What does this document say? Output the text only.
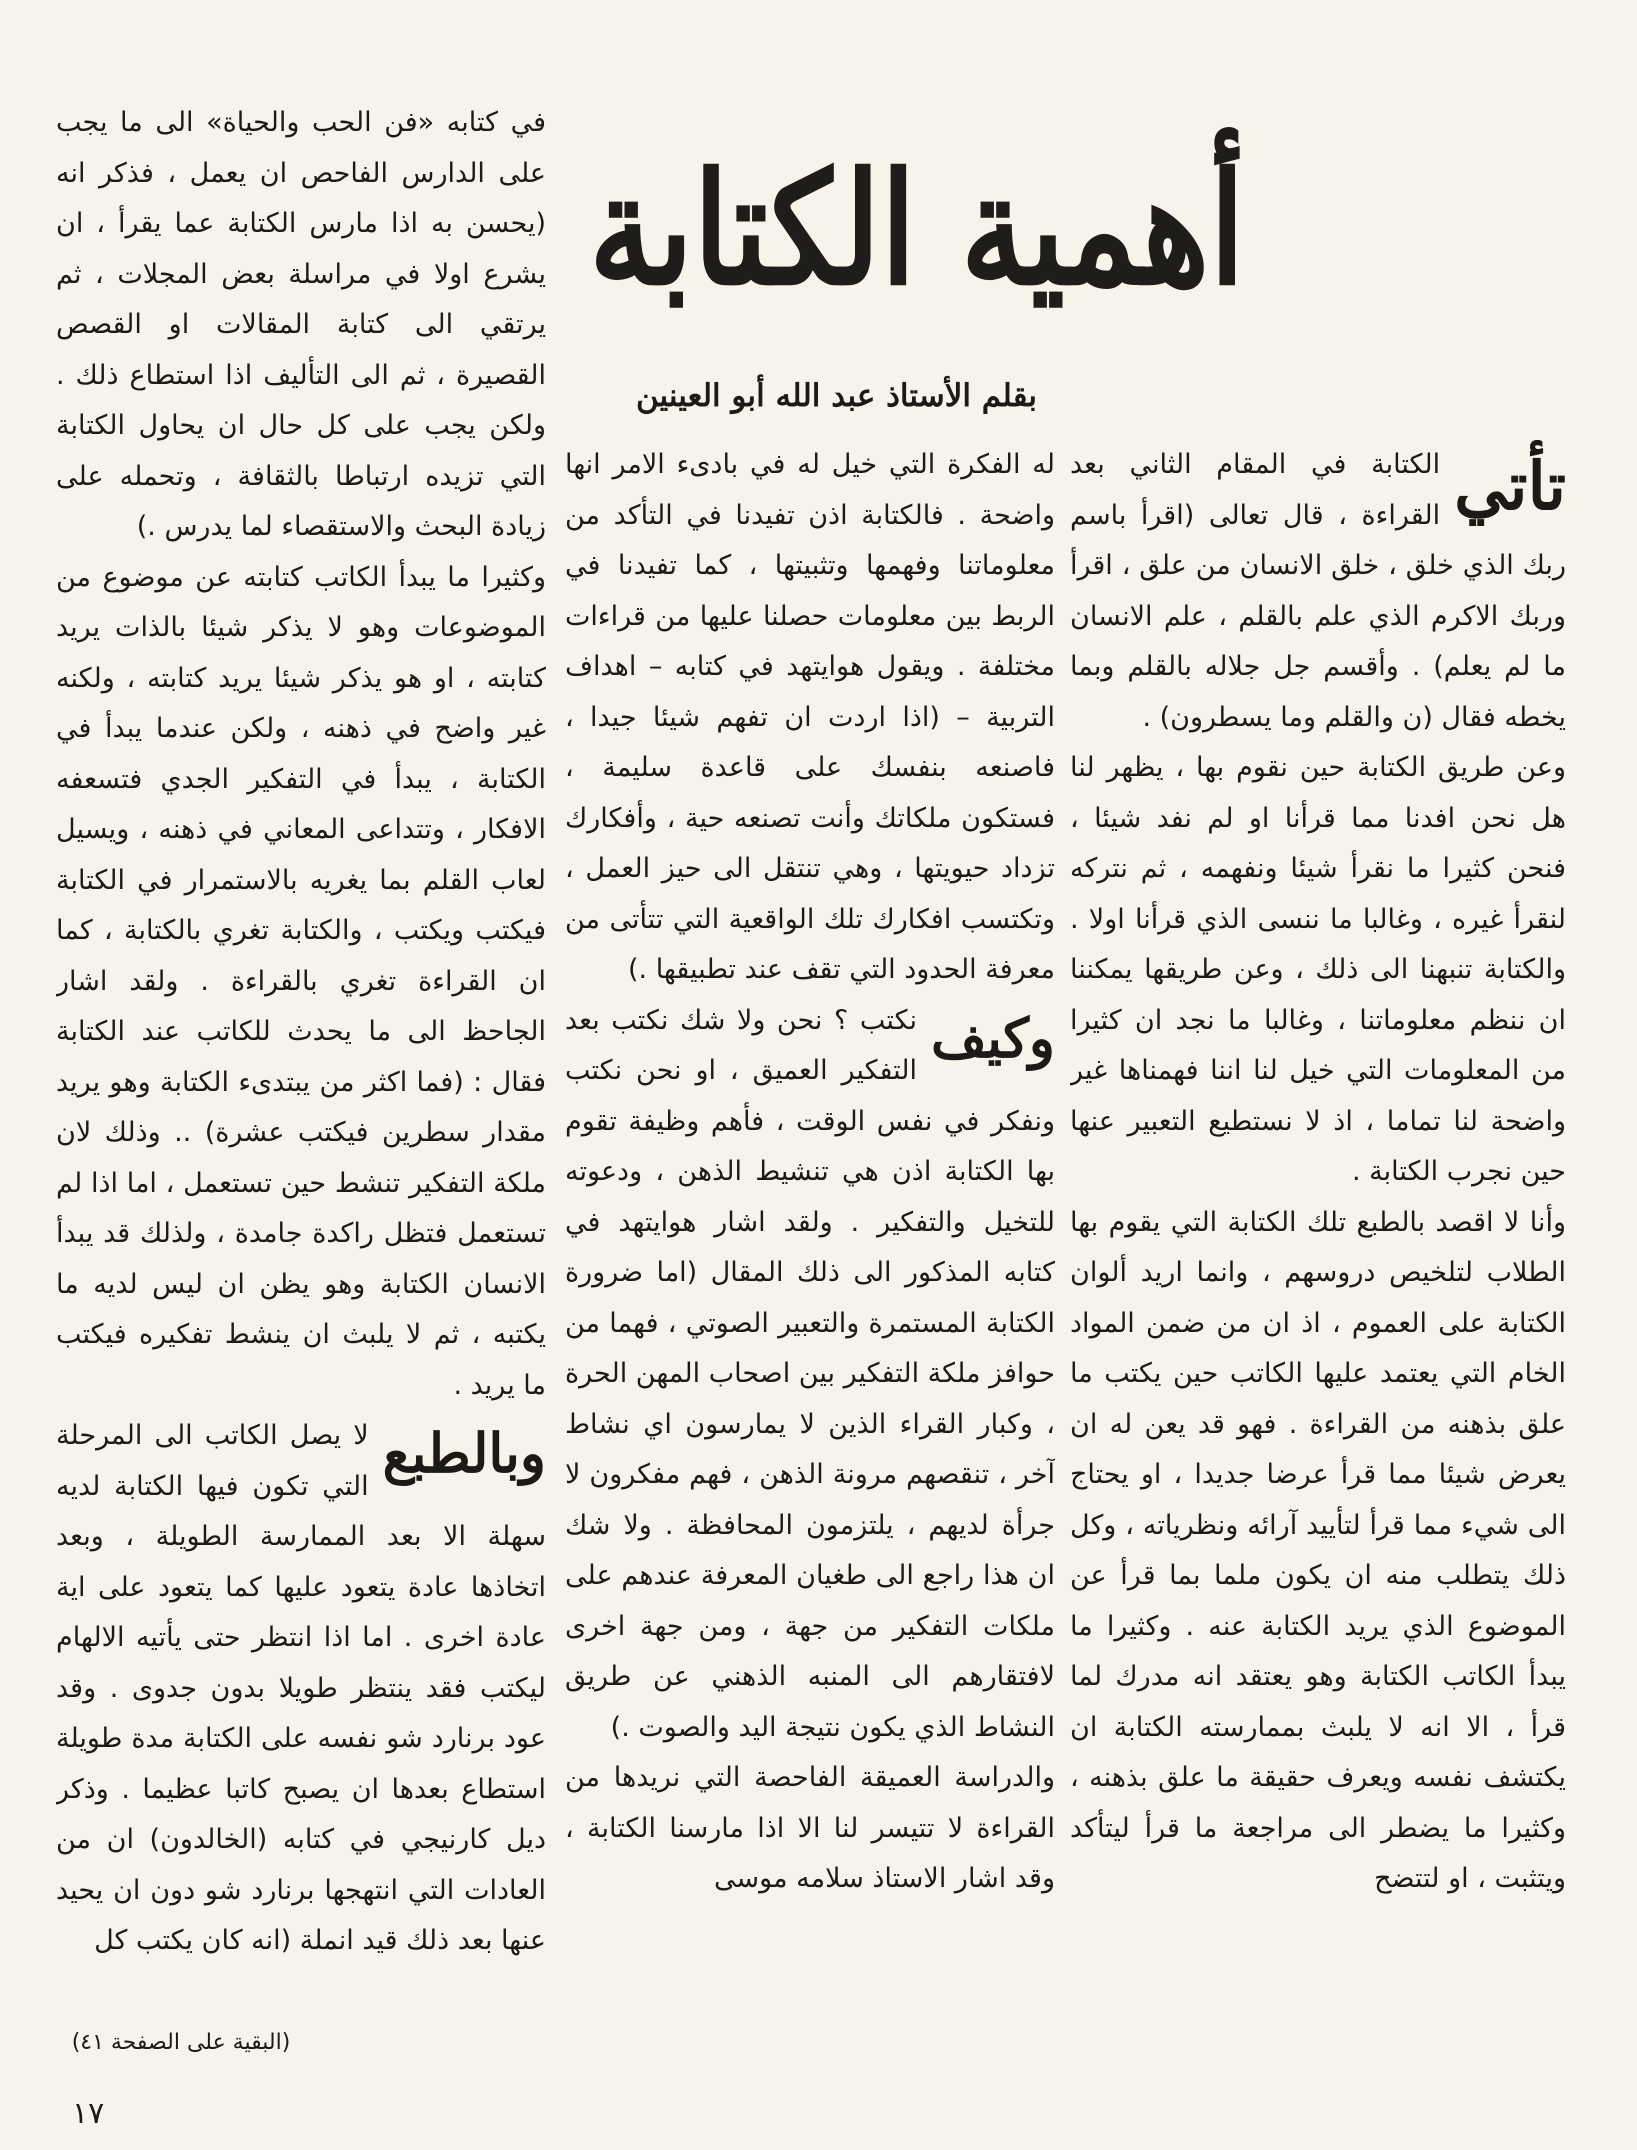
أهمية الكتابة
بقلم الأستاذ عبد الله أبو العينين
تأتي

الكتابة في المقام الثاني بعد القراءة ، قال تعالى (اقرأ باسم ربك الذي خلق ، خلق الانسان من علق ، اقرأ وربك الاكرم الذي علم بالقلم ، علم الانسان ما لم يعلم) . وأقسم جل جلاله بالقلم وبما يخطه فقال (ن والقلم وما يسطرون) .

وعن طريق الكتابة حين نقوم بها ، يظهر لنا هل نحن افدنا مما قرأنا او لم نفد شيئا ، فنحن كثيرا ما نقرأ شيئا ونفهمه ، ثم نتركه لنقرأ غيره ، وغالبا ما ننسى الذي قرأنا اولا . والكتابة تنبهنا الى ذلك ، وعن طريقها يمكننا ان ننظم معلوماتنا ، وغالبا ما نجد ان كثيرا من المعلومات التي خيل لنا اننا فهمناها غير واضحة لنا تماما ، اذ لا نستطيع التعبير عنها حين نجرب الكتابة .

وأنا لا اقصد بالطبع تلك الكتابة التي يقوم بها الطلاب لتلخيص دروسهم ، وانما اريد ألوان الكتابة على العموم ، اذ ان من ضمن المواد الخام التي يعتمد عليها الكاتب حين يكتب ما علق بذهنه من القراءة . فهو قد يعن له ان يعرض شيئا مما قرأ عرضا جديدا ، او يحتاج الى شيء مما قرأ لتأييد آرائه ونظرياته ، وكل ذلك يتطلب منه ان يكون ملما بما قرأ عن الموضوع الذي يريد الكتابة عنه . وكثيرا ما يبدأ الكاتب الكتابة وهو يعتقد انه مدرك لما قرأ ، الا انه لا يلبث بممارسته الكتابة ان يكتشف نفسه ويعرف حقيقة ما علق بذهنه ، وكثيرا ما يضطر الى مراجعة ما قرأ ليتأكد ويتثبت ، او لتتضح

له الفكرة التي خيل له في بادىء الامر انها واضحة . فالكتابة اذن تفيدنا في التأكد من معلوماتنا وفهمها وتثبيتها ، كما تفيدنا في الربط بين معلومات حصلنا عليها من قراءات مختلفة . ويقول هوايتهد في كتابه – اهداف التربية – (اذا اردت ان تفهم شيئا جيدا ، فاصنعه بنفسك على قاعدة سليمة ، فستكون ملكاتك وأنت تصنعه حية ، وأفكارك تزداد حيويتها ، وهي تنتقل الى حيز العمل ، وتكتسب افكارك تلك الواقعية التي تتأتى من معرفة الحدود التي تقف عند تطبيقها .)

وكيف

نكتب ؟ نحن ولا شك نكتب بعد التفكير العميق ، او نحن نكتب ونفكر في نفس الوقت ، فأهم وظيفة تقوم بها الكتابة اذن هي تنشيط الذهن ، ودعوته للتخيل والتفكير . ولقد اشار هوايتهد في كتابه المذكور الى ذلك المقال (اما ضرورة الكتابة المستمرة والتعبير الصوتي ، فهما من حوافز ملكة التفكير بين اصحاب المهن الحرة ، وكبار القراء الذين لا يمارسون اي نشاط آخر ، تنقصهم مرونة الذهن ، فهم مفكرون لا جرأة لديهم ، يلتزمون المحافظة . ولا شك ان هذا راجع الى طغيان المعرفة عندهم على ملكات التفكير من جهة ، ومن جهة اخرى لافتقارهم الى المنبه الذهني عن طريق النشاط الذي يكون نتيجة اليد والصوت .)

والدراسة العميقة الفاحصة التي نريدها من القراءة لا تتيسر لنا الا اذا مارسنا الكتابة ، وقد اشار الاستاذ سلامه موسى

في كتابه «فن الحب والحياة» الى ما يجب على الدارس الفاحص ان يعمل ، فذكر انه (يحسن به اذا مارس الكتابة عما يقرأ ، ان يشرع اولا في مراسلة بعض المجلات ، ثم يرتقي الى كتابة المقالات او القصص القصيرة ، ثم الى التأليف اذا استطاع ذلك . ولكن يجب على كل حال ان يحاول الكتابة التي تزيده ارتباطا بالثقافة ، وتحمله على زيادة البحث والاستقصاء لما يدرس .)

وكثيرا ما يبدأ الكاتب كتابته عن موضوع من الموضوعات وهو لا يذكر شيئا بالذات يريد كتابته ، او هو يذكر شيئا يريد كتابته ، ولكنه غير واضح في ذهنه ، ولكن عندما يبدأ في الكتابة ، يبدأ في التفكير الجدي فتسعفه الافكار ، وتتداعى المعاني في ذهنه ، ويسيل لعاب القلم بما يغريه بالاستمرار في الكتابة فيكتب ويكتب ، والكتابة تغري بالكتابة ، كما ان القراءة تغري بالقراءة . ولقد اشار الجاحظ الى ما يحدث للكاتب عند الكتابة فقال : (فما اكثر من يبتدىء الكتابة وهو يريد مقدار سطرين فيكتب عشرة) .. وذلك لان ملكة التفكير تنشط حين تستعمل ، اما اذا لم تستعمل فتظل راكدة جامدة ، ولذلك قد يبدأ الانسان الكتابة وهو يظن ان ليس لديه ما يكتبه ، ثم لا يلبث ان ينشط تفكيره فيكتب ما يريد .

وبالطبع

لا يصل الكاتب الى المرحلة التي تكون فيها الكتابة لديه سهلة الا بعد الممارسة الطويلة ، وبعد اتخاذها عادة يتعود عليها كما يتعود على اية عادة اخرى . اما اذا انتظر حتى يأتيه الالهام ليكتب فقد ينتظر طويلا بدون جدوى . وقد عود برنارد شو نفسه على الكتابة مدة طويلة استطاع بعدها ان يصبح كاتبا عظيما . وذكر ديل كارنيجي في كتابه (الخالدون) ان من العادات التي انتهجها برنارد شو دون ان يحيد عنها بعد ذلك قيد انملة (انه كان يكتب كل

(البقية على الصفحة ٤١)
١٧
